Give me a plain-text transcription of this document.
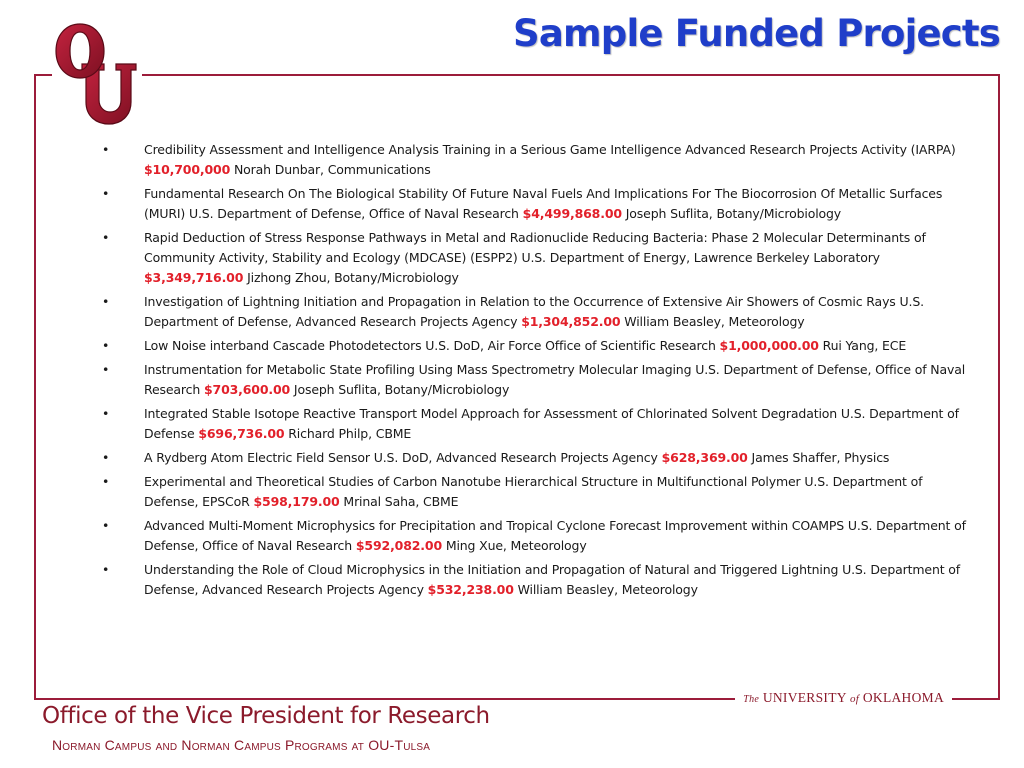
Sample Funded Projects
•	Credibility Assessment and Intelligence Analysis Training in a Serious Game Intelligence Advanced Research Projects Activity (IARPA) $10,700,000 Norah Dunbar, Communications
•	Fundamental Research On The Biological Stability Of Future Naval Fuels And Implications For The Biocorrosion Of Metallic Surfaces (MURI) U.S. Department of Defense, Office of Naval Research $4,499,868.00 Joseph Suflita, Botany/Microbiology
•	Rapid Deduction of Stress Response Pathways in Metal and Radionuclide Reducing Bacteria: Phase 2 Molecular Determinants of Community Activity, Stability and Ecology (MDCASE) (ESPP2) U.S. Department of Energy, Lawrence Berkeley Laboratory $3,349,716.00 Jizhong Zhou, Botany/Microbiology
•	Investigation of Lightning Initiation and Propagation in Relation to the Occurrence of Extensive Air Showers of Cosmic Rays U.S. Department of Defense, Advanced Research Projects Agency $1,304,852.00 William Beasley, Meteorology
•	Low Noise interband Cascade Photodetectors U.S. DoD, Air Force Office of Scientific Research $1,000,000.00 Rui Yang, ECE
•	Instrumentation for Metabolic State Profiling Using Mass Spectrometry Molecular Imaging U.S. Department of Defense, Office of Naval Research $703,600.00 Joseph Suflita, Botany/Microbiology
•	Integrated Stable Isotope Reactive Transport Model Approach for Assessment of Chlorinated Solvent Degradation U.S. Department of Defense $696,736.00 Richard Philp, CBME
•	A Rydberg Atom Electric Field Sensor U.S. DoD, Advanced Research Projects Agency $628,369.00 James Shaffer, Physics
•	Experimental and Theoretical Studies of Carbon Nanotube Hierarchical Structure in Multifunctional Polymer U.S. Department of Defense, EPSCoR $598,179.00 Mrinal Saha, CBME
•	Advanced Multi-Moment Microphysics for Precipitation and Tropical Cyclone Forecast Improvement within COAMPS U.S. Department of Defense, Office of Naval Research $592,082.00 Ming Xue, Meteorology
•	Understanding the Role of Cloud Microphysics in the Initiation and Propagation of Natural and Triggered Lightning U.S. Department of Defense, Advanced Research Projects Agency $532,238.00 William Beasley, Meteorology
The UNIVERSITY of OKLAHOMA
Office of the Vice President for Research
Norman Campus and Norman Campus Programs at OU-Tulsa
